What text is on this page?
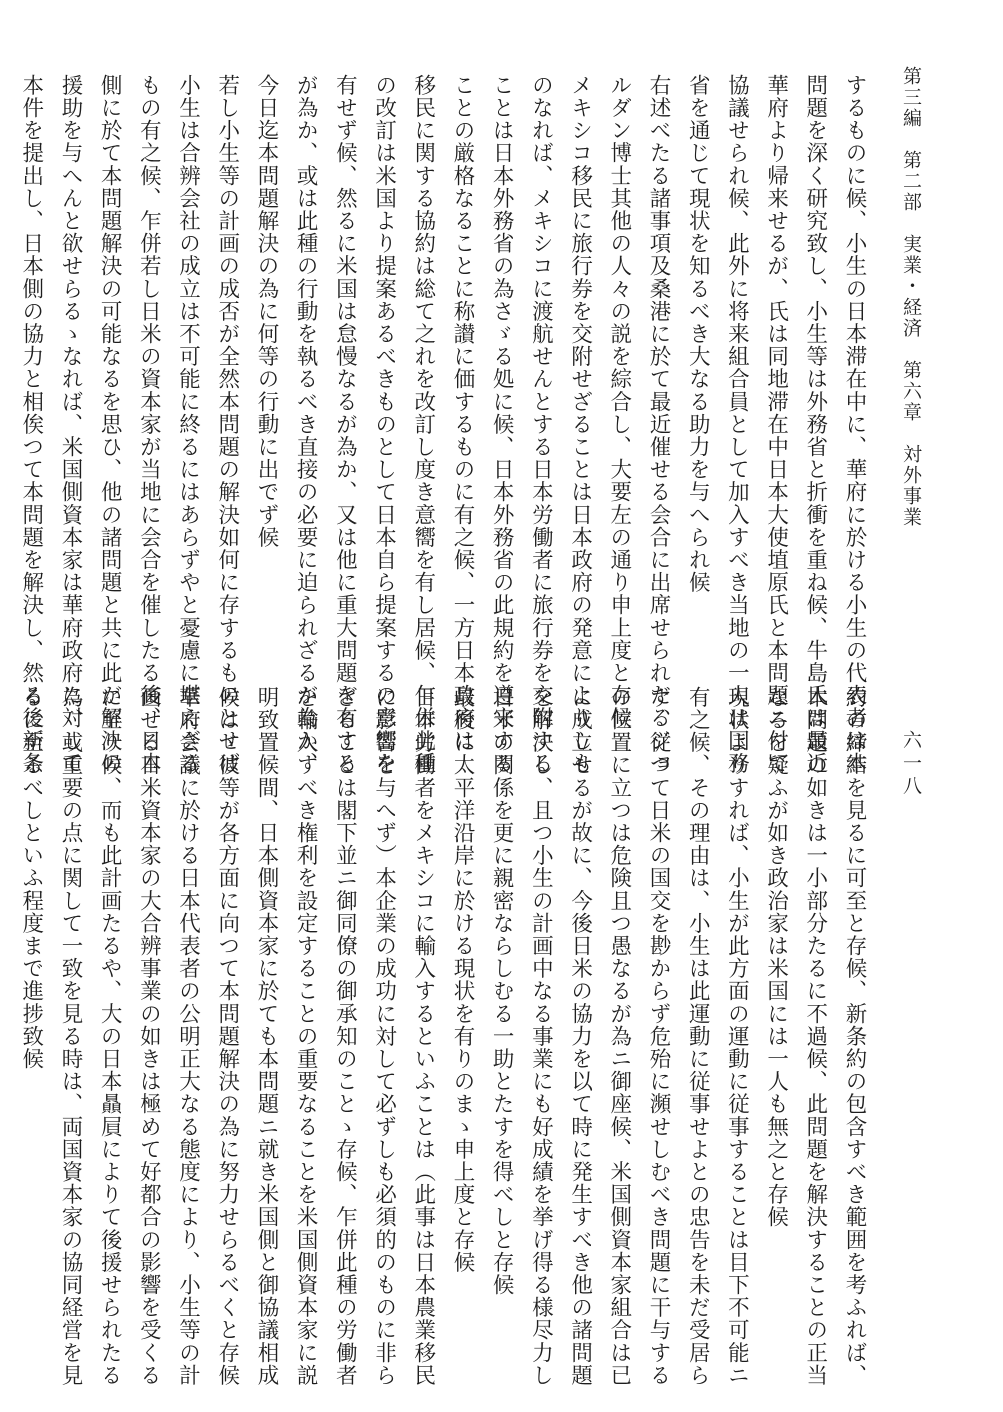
第三編　第二部　実業・経済　第六章　対外事業
六一八

するものに候、小生の日本滞在中に、華府に於ける小生の代表者は本

問題を深く研究致し、小生等は外務省と折衝を重ね候、牛島氏は最近

華府より帰来せるが、氏は同地滞在中日本大使埴原氏と本問題ニ付て

協議せられ候、此外に将来組合員として加入すべき当地の一人は国務

省を通じて現状を知るべき大なる助力を与へられ候

右述べたる諸事項及桑港に於て最近催せる会合に出席せられたるジョ

ルダン博士其他の人々の説を綜合し、大要左の通り申上度と存候

メキシコ移民に旅行券を交附せざることは日本政府の発意によりしも

のなれば、メキシコに渡航せんとする日本労働者に旅行券を交附する

ことは日本外務省の為さゞる処に候、日本外務省の此規約を遵守する

ことの厳格なることに称讃に価するものに有之候、一方日本政府は

移民に関する協約は総て之れを改訂し度き意嚮を有し居候、乍併此種

の改訂は米国より提案あるべきものとして日本自ら提案するの意嚮を

有せず候、然るに米国は怠慢なるが為か、又は他に重大問題を有する

が為か、或は此種の行動を執るべき直接の必要に迫られざるが為か、

今日迄本問題解決の為に何等の行動に出でず候

若し小生等の計画の成否が全然本問題の解決如何に存するものとせば

小生は合辨会社の成立は不可能に終るにはあらずやと憂慮に堪えざる

もの有之候、乍併若し日米の資本家が当地に会合を催したる後、日本

側に於て本問題解決の可能なるを思ひ、他の諸問題と共に此が解決の

援助を与へんと欲せらるゝなれば、米国側資本家は華府政府に対して

本件を提出し、日本側の協力と相俟つて本問題を解決し、然る後新条

約の締結を見るに可至と存候、新条約の包含すべき範囲を考ふれば、

本問題の如きは一小部分たるに不過候、此問題を解決することの正当

なるを疑ふが如き政治家は米国には一人も無之と存候

現状よりすれば、小生が此方面の運動に従事することは目下不可能ニ

有之候、その理由は、小生は此運動に従事せよとの忠告を未だ受居ら

ず、従つて日米の国交を尠からず危殆に瀕せしむべき問題に干与する

の位置に立つは危険且つ愚なるが為ニ御座候、米国側資本家組合は已

に成立せるが故に、今後日米の協力を以て時に発生すべき他の諸問題

を解決し、且つ小生の計画中なる事業にも好成績を挙げ得る様尽力し

日米の関係を更に親密ならしむる一助とたすを得べしと存候

最後に太平洋沿岸に於ける現状を有りのまゝ申上度と存候

日本労働者をメキシコに輸入するといふことは（此事は日本農業移民

に影響を与へず）本企業の成功に対して必ずしも必須的のものに非ら

ざることは閣下並ニ御同僚の御承知のことゝ存候、乍併此種の労働者

を輸入すべき権利を設定することの重要なることを米国側資本家に説

明致置候間、日本側資本家に於ても本問題ニ就き米国側と御協議相成

候はゞ彼等が各方面に向つて本問題解決の為に努力せらるべくと存候

華府会議に於ける日本代表者の公明正大なる態度により、小生等の計

画せる日米資本家の大合辨事業の如きは極めて好都合の影響を受くる

に至り候、而も此計画たるや、大の日本贔屓によりて後援せられたる

為、或重要の点に関して一致を見る時は、両国資本家の協同経営を見

るに至るべしといふ程度まで進捗致候
